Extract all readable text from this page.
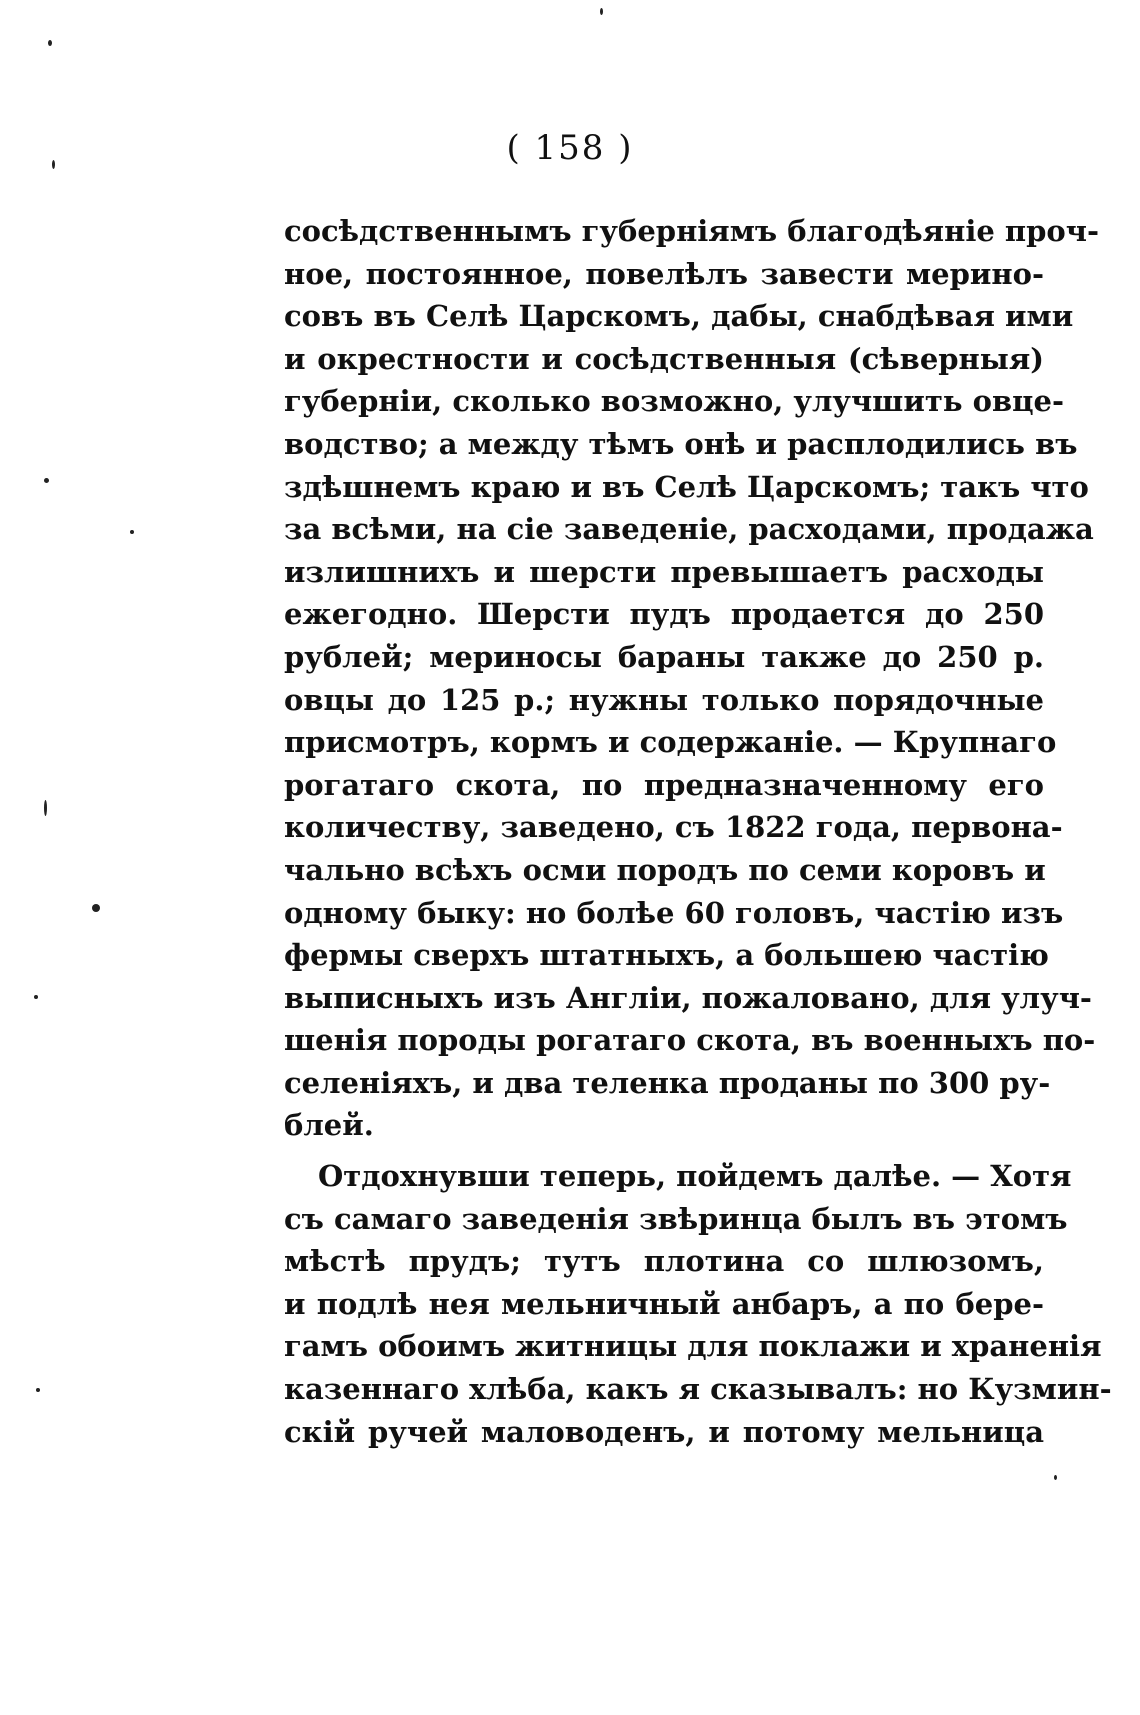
( 158 )
сосѣдственнымъ губерніямъ благодѣяніе проч-
ное, постоянное, повелѣлъ завести мерино-
совъ въ Селѣ Царскомъ, дабы, снабдѣвая ими
и окрестности и сосѣдственныя (сѣверныя)
губерніи, сколько возможно, улучшить овце-
водство; а между тѣмъ онѣ и расплодились въ
здѣшнемъ краю и въ Селѣ Царскомъ; такъ что
за всѣми, на сіе заведеніе, расходами, продажа
излишнихъ и шерсти превышаетъ расходы
ежегодно. Шерсти пудъ продается до 250
рублей; мериносы бараны также до 250 р.
овцы до 125 р.; нужны только порядочные
присмотръ, кормъ и содержаніе. — Крупнаго
рогатаго скота, по предназначенному его
количеству, заведено, съ 1822 года, первона-
чально всѣхъ осми породъ по семи коровъ и
одному быку: но болѣе 60 головъ, частію изъ
фермы сверхъ штатныхъ, а большею частію
выписныхъ изъ Англіи, пожаловано, для улуч-
шенія породы рогатаго скота, въ военныхъ по-
селеніяхъ, и два теленка проданы по 300 ру-
блей.
Отдохнувши теперь, пойдемъ далѣе. — Хотя
съ самаго заведенія звѣринца былъ въ этомъ
мѣстѣ прудъ; тутъ плотина со шлюзомъ,
и подлѣ нея мельничный анбаръ, а по бере-
гамъ обоимъ житницы для поклажи и храненія
казеннаго хлѣба, какъ я сказывалъ: но Кузмин-
скій ручей маловоденъ, и потому мельница
